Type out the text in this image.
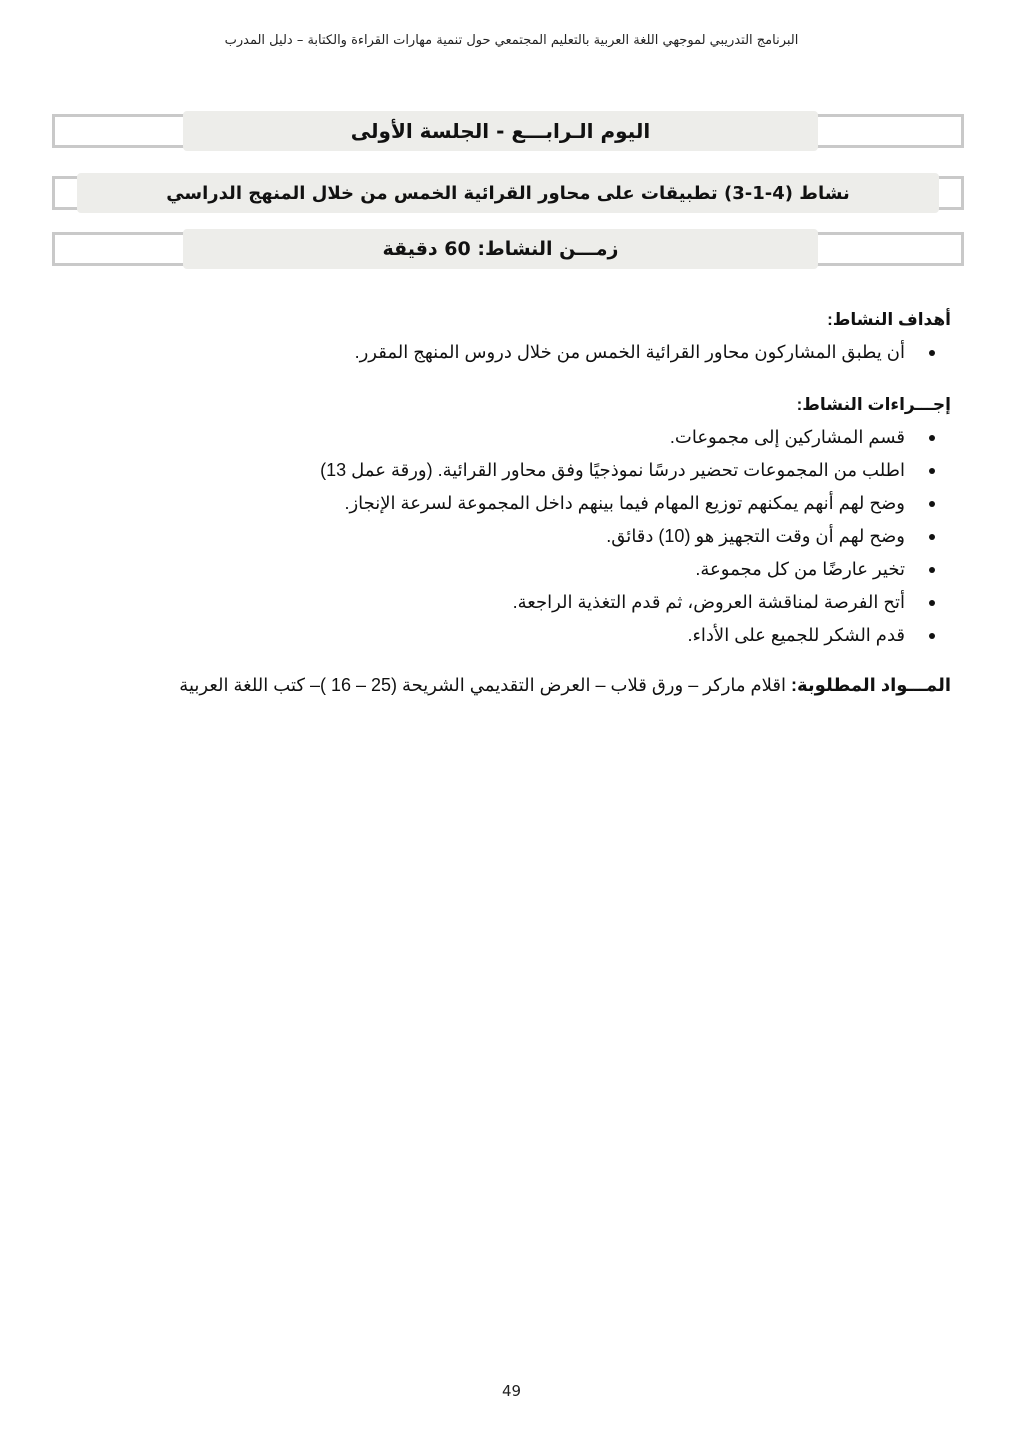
البرنامج التدريبي لموجهي اللغة العربية بالتعليم المجتمعي حول تنمية مهارات القراءة والكتابة – دليل المدرب
اليوم الـرابـــع - الجلسة الأولى
نشاط (4-1-3) تطبيقات على محاور القرائية الخمس من خلال المنهج الدراسي
زمـــن النشاط: 60 دقيقة
أهداف النشاط:
أن يطبق المشاركون محاور القرائية الخمس من خلال دروس المنهج المقرر.
إجـــراءات النشاط:
قسم المشاركين إلى مجموعات.
اطلب من المجموعات تحضير درسًا نموذجيًا وفق محاور القرائية. (ورقة عمل 13)
وضح لهم أنهم يمكنهم توزيع المهام فيما بينهم داخل المجموعة لسرعة الإنجاز.
وضح لهم أن وقت التجهيز هو (10) دقائق.
تخير عارضًا من كل مجموعة.
أتح الفرصة لمناقشة العروض، ثم قدم التغذية الراجعة.
قدم الشكر للجميع على الأداء.
المـــواد المطلوبة: اقلام ماركر – ورق قلاب – العرض التقديمي الشريحة (25 – 16 )– كتب اللغة العربية
49
